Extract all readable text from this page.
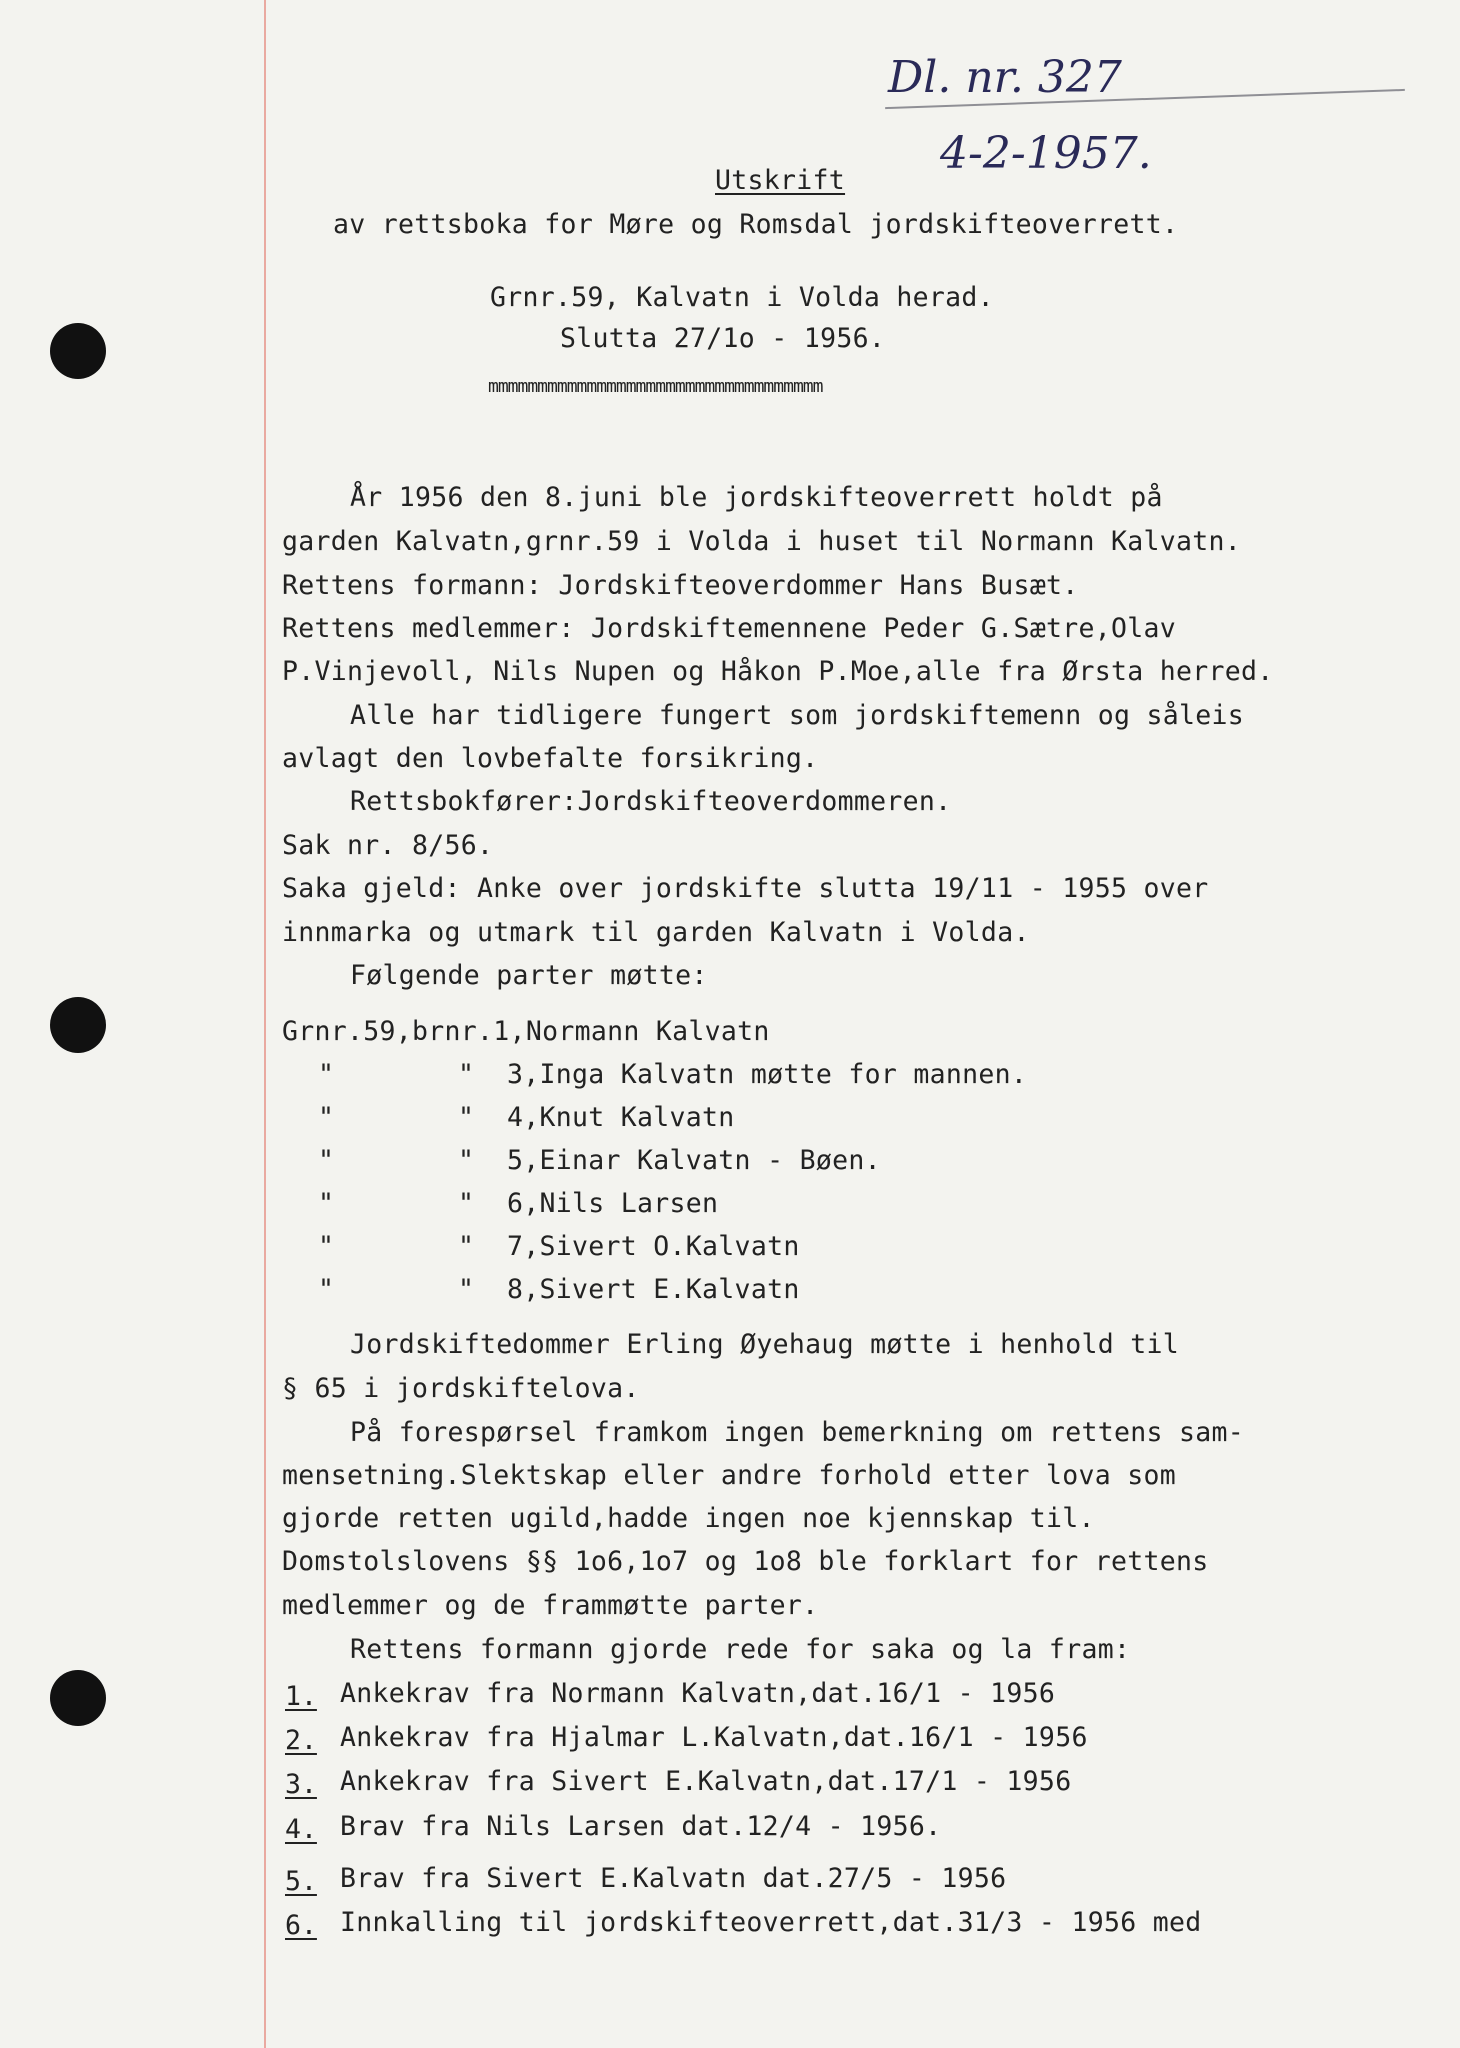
Dl. nr. 327
4-2-1957.
Utskrift
av rettsboka for Møre og Romsdal jordskifteoverrett.
Grnr.59, Kalvatn i Volda herad.
Slutta 27/1o - 1956.
mmmmmmmmmmmmmmmmmmmmmmmmmmmmmmmmmm
År 1956 den 8.juni ble jordskifteoverrett holdt på
garden Kalvatn,grnr.59 i Volda i huset til Normann Kalvatn.
Rettens formann: Jordskifteoverdommer Hans Busæt.
Rettens medlemmer: Jordskiftemennene Peder G.Sætre,Olav
P.Vinjevoll, Nils Nupen og Håkon P.Moe,alle fra Ørsta herred.
Alle har tidligere fungert som jordskiftemenn og såleis
avlagt den lovbefalte forsikring.
Rettsbokfører:Jordskifteoverdommeren.
Sak nr. 8/56.
Saka gjeld: Anke over jordskifte slutta 19/11 - 1955 over
innmarka og utmark til garden Kalvatn i Volda.
Følgende parter møtte:
Grnr.59,brnr.1,Normann Kalvatn
"	" 3,Inga Kalvatn møtte for mannen.
"	" 4,Knut Kalvatn
"	" 5,Einar Kalvatn - Bøen.
"	" 6,Nils Larsen
"	" 7,Sivert O.Kalvatn
"	" 8,Sivert E.Kalvatn
Jordskiftedommer Erling Øyehaug møtte i henhold til
§ 65 i jordskiftelova.
På forespørsel framkom ingen bemerkning om rettens sam-
mensetning.Slektskap eller andre forhold etter lova som
gjorde retten ugild,hadde ingen noe kjennskap til.
Domstolslovens §§ 1o6,1o7 og 1o8 ble forklart for rettens
medlemmer og de frammøtte parter.
Rettens formann gjorde rede for saka og la fram:
1. Ankekrav fra Normann Kalvatn,dat.16/1 - 1956
2. Ankekrav fra Hjalmar L.Kalvatn,dat.16/1 - 1956
3. Ankekrav fra Sivert E.Kalvatn,dat.17/1 - 1956
4. Brav fra Nils Larsen dat.12/4 - 1956.
5. Brav fra Sivert E.Kalvatn dat.27/5 - 1956
6. Innkalling til jordskifteoverrett,dat.31/3 - 1956 med
